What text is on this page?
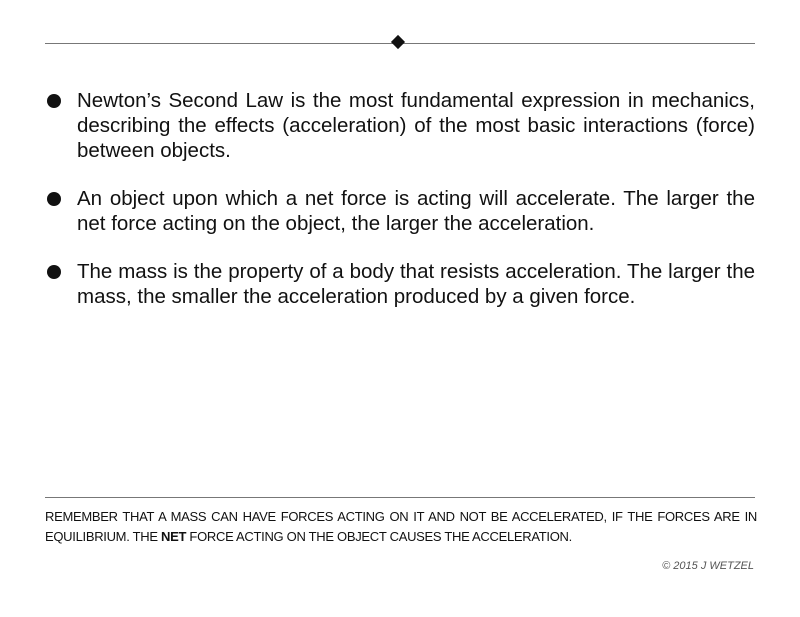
Newton’s Second Law is the most fundamental expression in mechanics, describing the effects (acceleration) of the most basic interactions (force) between objects.
An object upon which a net force is acting will accelerate. The larger the net force acting on the object, the larger the acceleration.
The mass is the property of a body that resists acceleration. The larger the mass, the smaller the acceleration produced by a given force.
REMEMBER THAT A MASS CAN HAVE FORCES ACTING ON IT AND NOT BE ACCELERATED, IF THE FORCES ARE IN EQUILIBRIUM. THE NET FORCE ACTING ON THE OBJECT CAUSES THE ACCELERATION.
© 2015 J WETZEL
